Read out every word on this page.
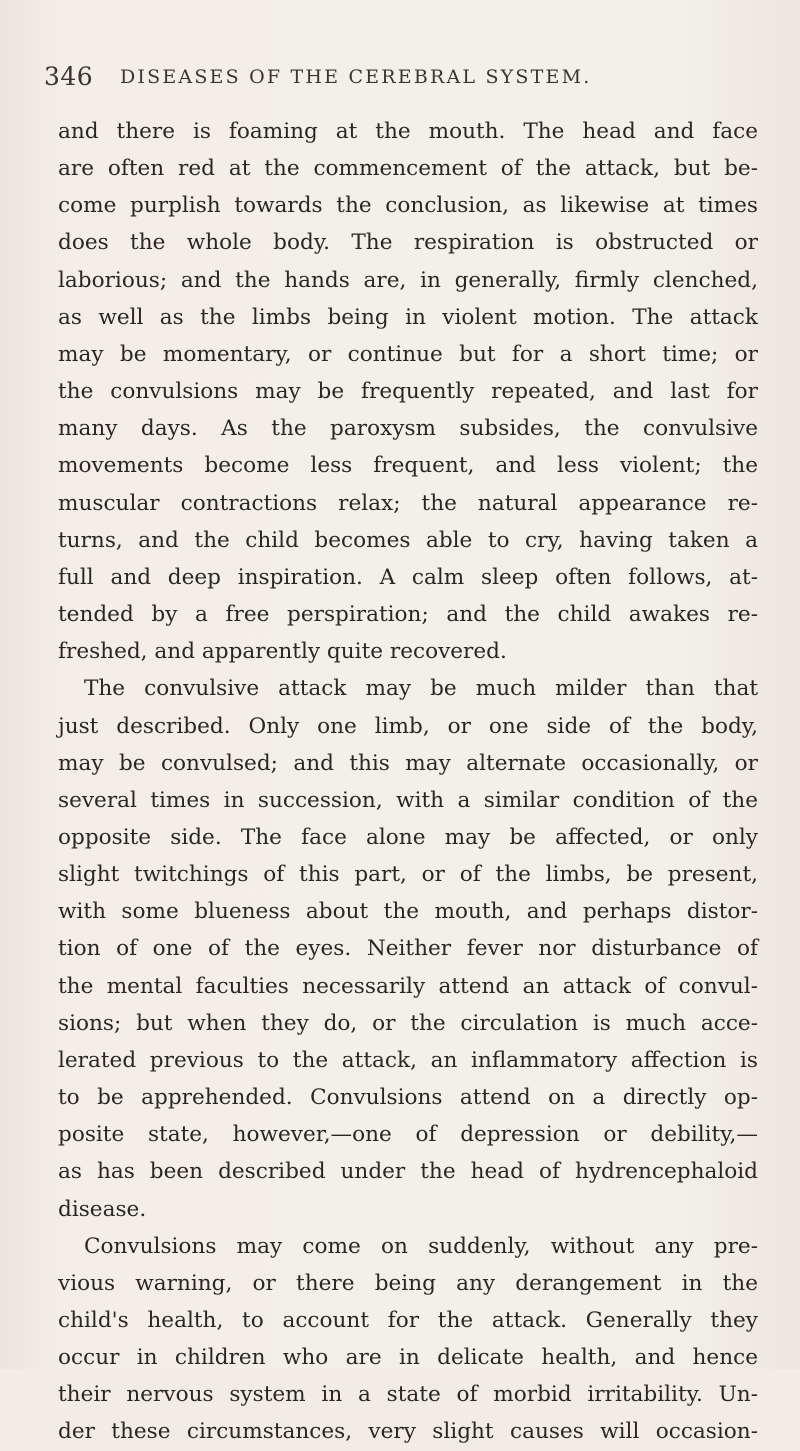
346 DISEASES OF THE CEREBRAL SYSTEM.

and there is foaming at the mouth. The head and face
are often red at the commencement of the attack, but be-
come purplish towards the conclusion, as likewise at times
does the whole body. The respiration is obstructed or
laborious; and the hands are, in generally, firmly clenched,
as well as the limbs being in violent motion. The attack
may be momentary, or continue but for a short time; or
the convulsions may be frequently repeated, and last for
many days. As the paroxysm subsides, the convulsive
movements become less frequent, and less violent; the
muscular contractions relax; the natural appearance re-
turns, and the child becomes able to cry, having taken a
full and deep inspiration. A calm sleep often follows, at-
tended by a free perspiration; and the child awakes re-
freshed, and apparently quite recovered.

The convulsive attack may be much milder than that
just described. Only one limb, or one side of the body,
may be convulsed; and this may alternate occasionally, or
several times in succession, with a similar condition of the
opposite side. The face alone may be affected, or only
slight twitchings of this part, or of the limbs, be present,
with some blueness about the mouth, and perhaps distor-
tion of one of the eyes. Neither fever nor disturbance of
the mental faculties necessarily attend an attack of convul-
sions; but when they do, or the circulation is much acce-
lerated previous to the attack, an inflammatory affection is
to be apprehended. Convulsions attend on a directly op-
posite state, however,—one of depression or debility,—
as has been described under the head of hydrencephaloid
disease.

Convulsions may come on suddenly, without any pre-
vious warning, or there being any derangement in the
child's health, to account for the attack. Generally they
occur in children who are in delicate health, and hence
their nervous system in a state of morbid irritability. Un-
der these circumstances, very slight causes will occasion-
